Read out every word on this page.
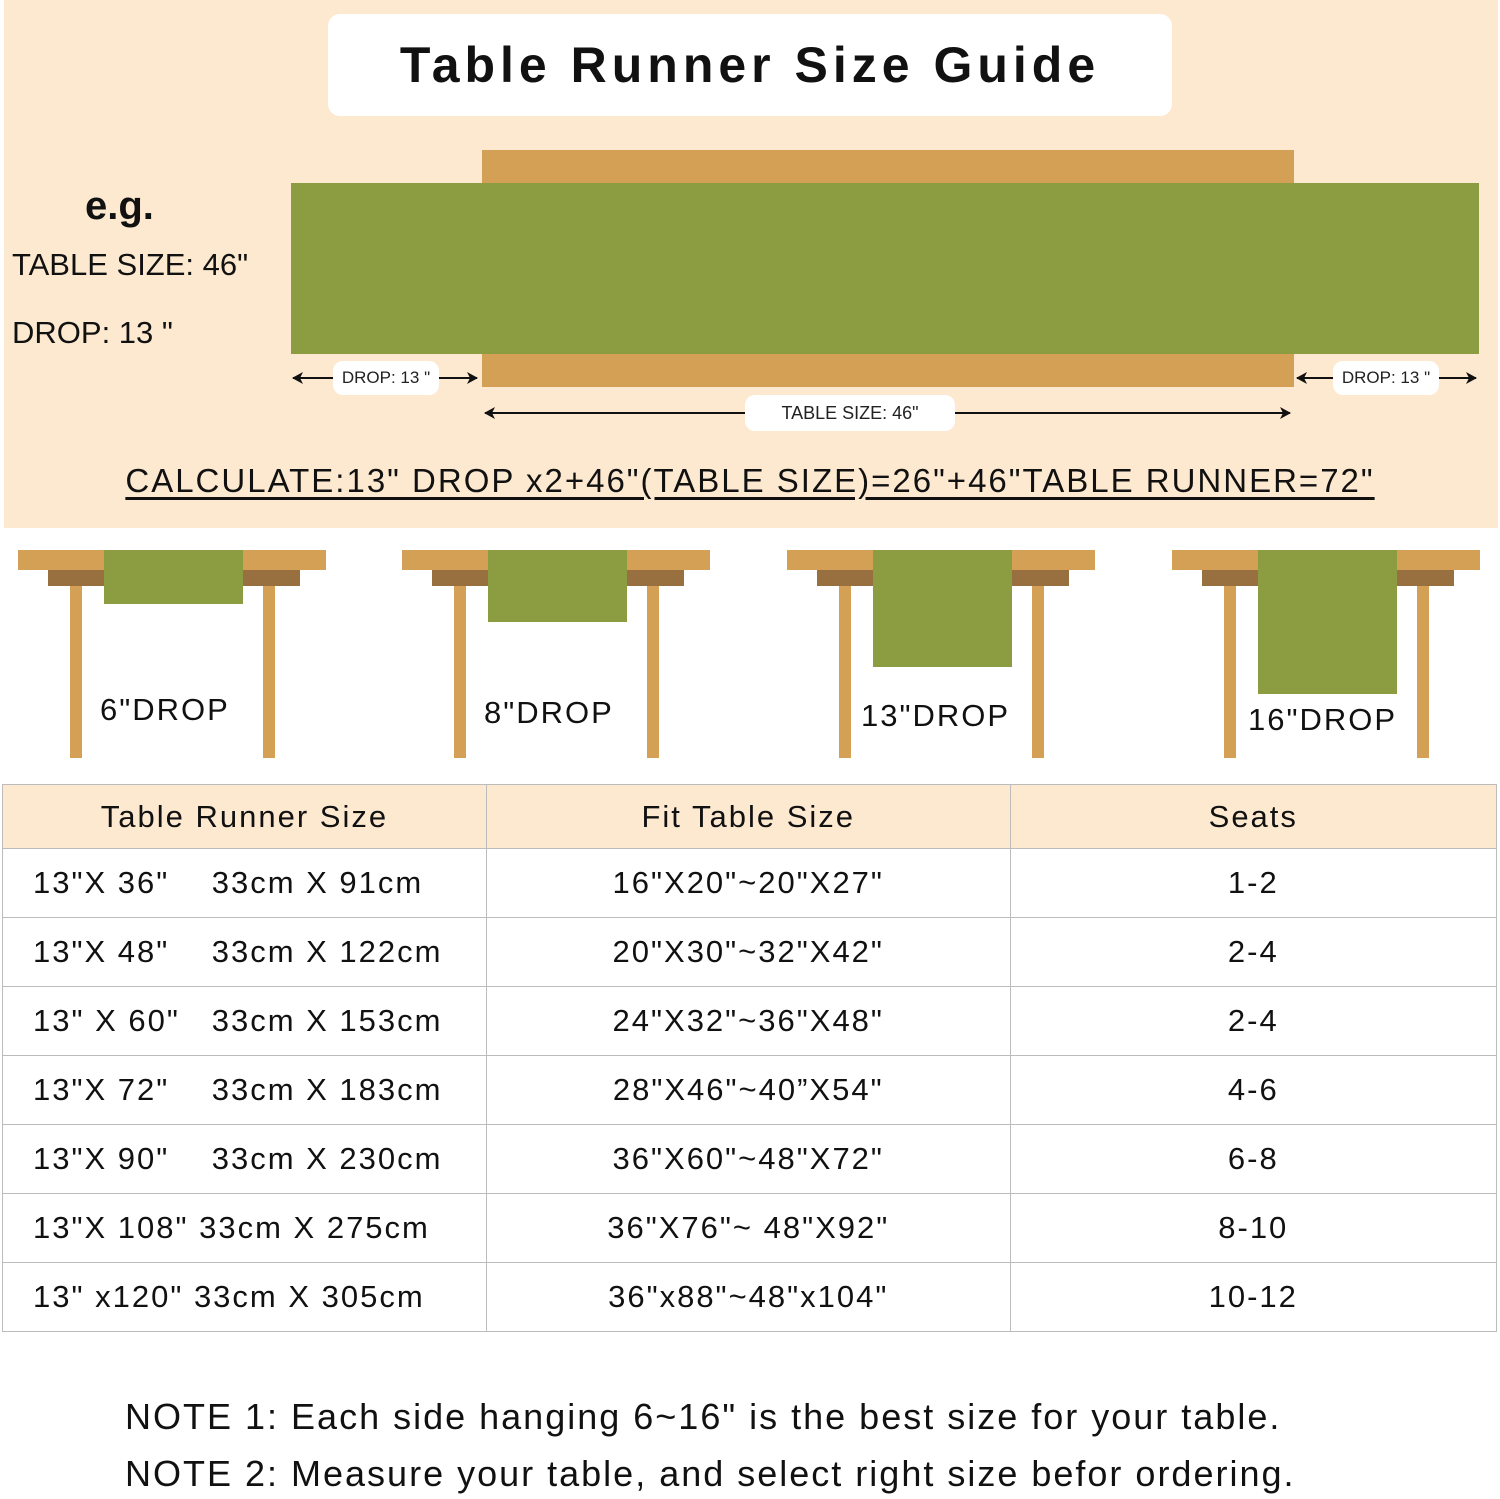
Table Runner Size Guide
e.g.
TABLE SIZE: 46"
DROP: 13 "
DROP: 13 "	DROP: 13 "
TABLE SIZE: 46"
CALCULATE:13" DROP x2+46"(TABLE SIZE)=26"+46"TABLE RUNNER=72"
6"DROP	8"DROP	13"DROP	16"DROP
Table Runner Size	Fit Table Size	Seats
13"X 36"    33cm X 91cm	16"X20"~20"X27"	1-2
13"X 48"    33cm X 122cm	20"X30"~32"X42"	2-4
13" X 60"   33cm X 153cm	24"X32"~36"X48"	2-4
13"X 72"    33cm X 183cm	28"X46"~40”X54"	4-6
13"X 90"    33cm X 230cm	36"X60"~48"X72"	6-8
13"X 108" 33cm X 275cm	36"X76"~ 48"X92"	8-10
13" x120" 33cm X 305cm	36"x88"~48"x104"	10-12
NOTE 1: Each side hanging 6~16" is the best size for your table.
NOTE 2: Measure your table, and select right size befor ordering.
